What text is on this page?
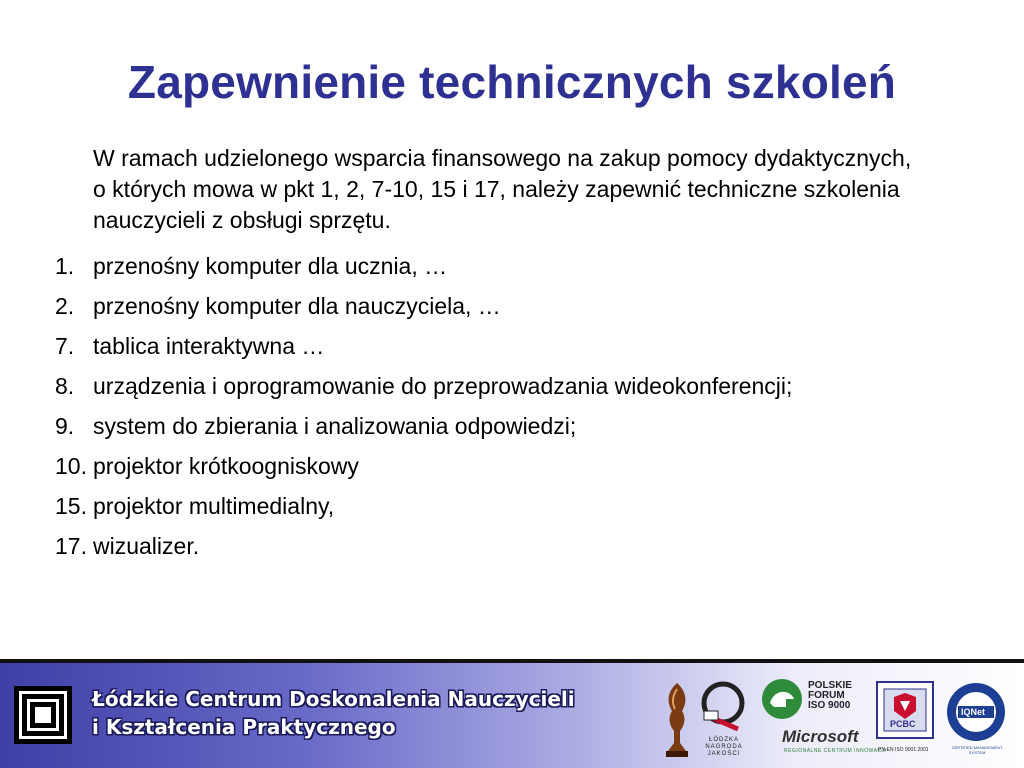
Zapewnienie technicznych szkoleń
W ramach udzielonego wsparcia finansowego na zakup pomocy dydaktycznych, o których mowa w pkt 1, 2, 7-10, 15 i 17, należy zapewnić techniczne szkolenia nauczycieli z obsługi sprzętu.
1. przenośny komputer dla ucznia, …
2. przenośny komputer dla nauczyciela, …
7. tablica interaktywna …
8. urządzenia i oprogramowanie do przeprowadzania wideokonferencji;
9. system do zbierania i analizowania odpowiedzi;
10. projektor krótkoogniskowy
15. projektor multimedialny,
17. wizualizer.
Łódzkie Centrum Doskonalenia Nauczycieli
i Kształcenia Praktycznego
ŁÓDZKA NAGRODA JAKOŚCI
POLSKIE
FORUM
ISO 9000
Microsoft
REGIONALNE CENTRUM INNOWACJI
PCBC
PN-EN ISO 9001:2001
IQNet
CERTIFIED MANAGEMENT SYSTEM
